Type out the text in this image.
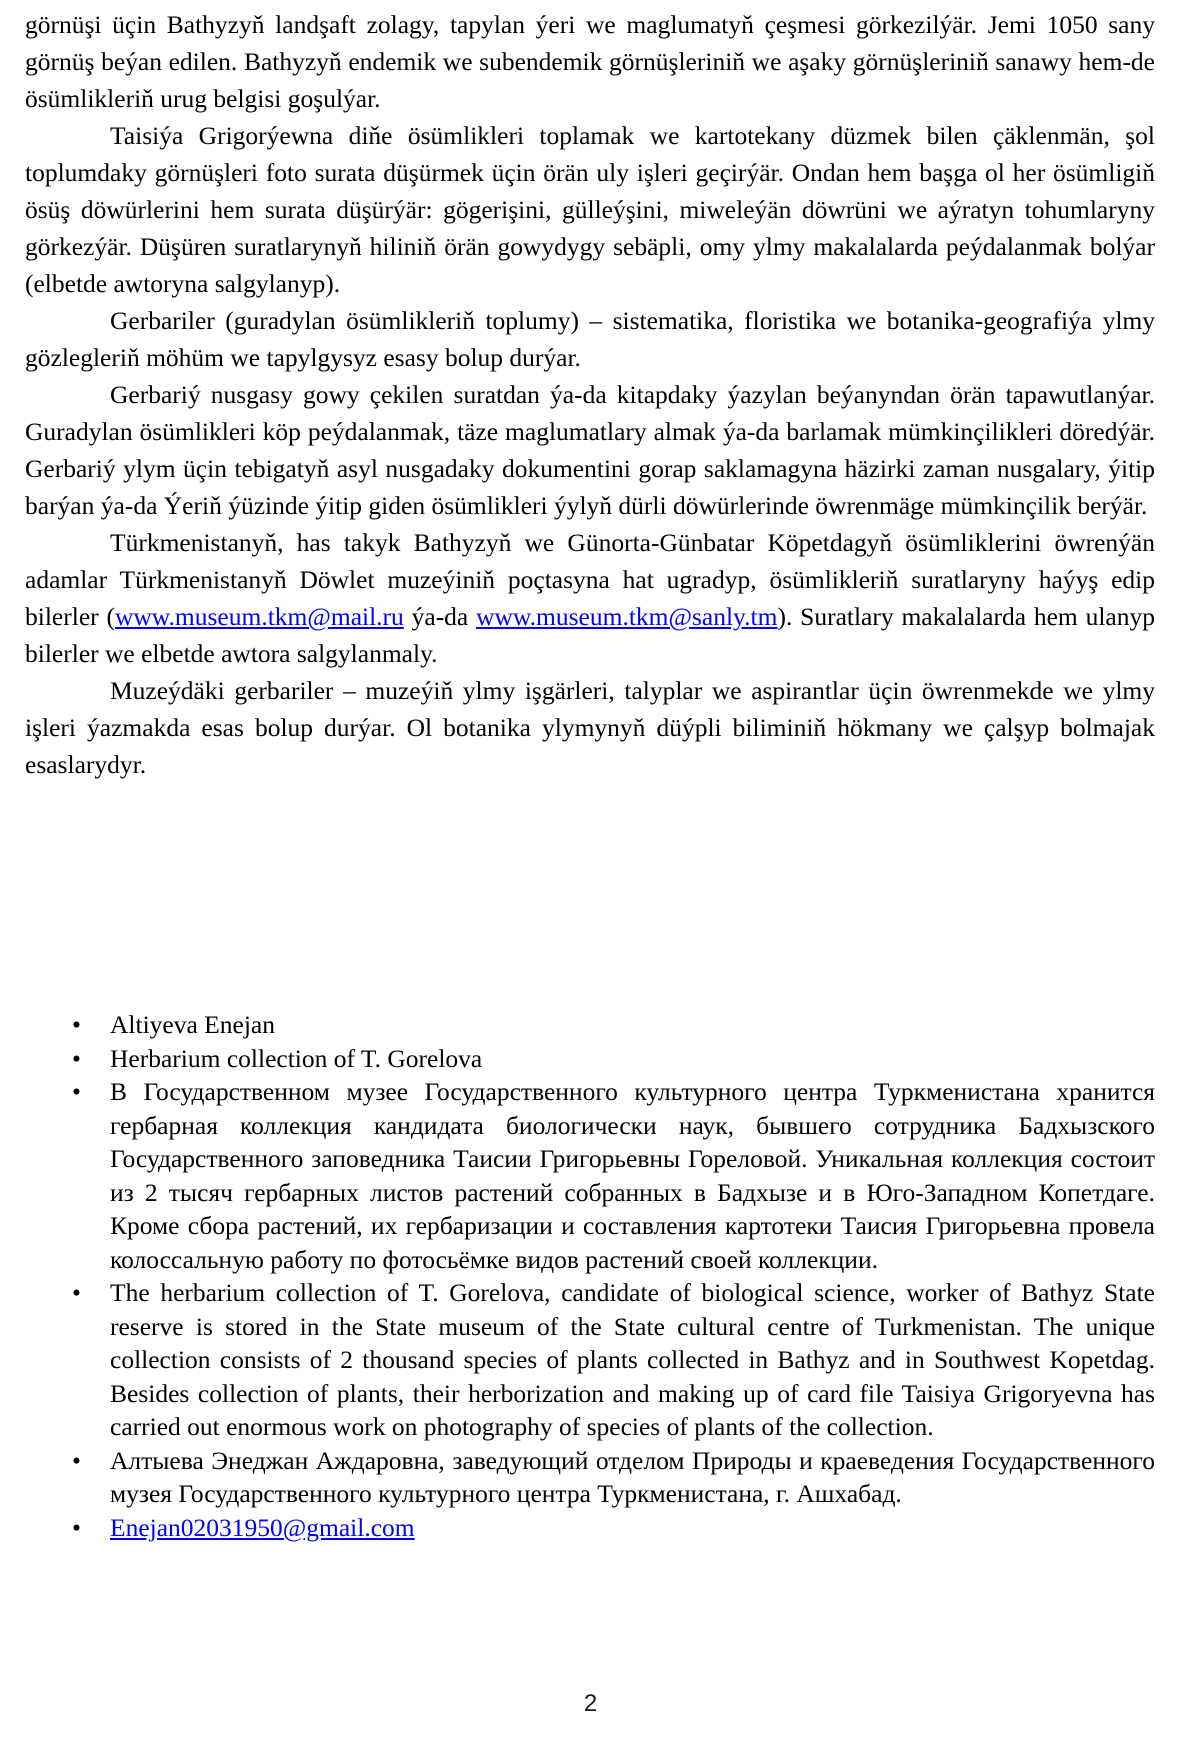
görnüşi üçin Bathyzyň landşaft zolagy, tapylan ýeri we maglumatyň çeşmesi görkezilýär. Jemi 1050 sany görnüş beýan edilen. Bathyzyň endemik we subendemik görnüşleriniň we aşaky görnüşleriniň sanawy hem-de ösümlikleriň urug belgisi goşulýar.

Taisiýa Grigorýewna diňe ösümlikleri toplamak we kartotekany düzmek bilen çäklenmän, şol toplumdaky görnüşleri foto surata düşürmek üçin örän uly işleri geçirýär. Ondan hem başga ol her ösümligiň ösüş döwürlerini hem surata düşürýär: gögerişini, gülleýşini, miweleýän döwrüni we aýratyn tohumlaryny görkezýär. Düşüren suratlarynyň hiliniň örän gowydygy sebäpli, omy ylmy makalalarda peýdalanmak bolýar (elbetde awtoryna salgylanyp).

Gerbariler (guradylan ösümlikleriň toplumy) – sistematika, floristika we botanika-geografiýa ylmy gözlegleriň möhüm we tapylgysyz esasy bolup durýar.

Gerbariý nusgasy gowy çekilen suratdan ýa-da kitapdaky ýazylan beýanyndan örän tapawutlanýar. Guradylan ösümlikleri köp peýdalanmak, täze maglumatlary almak ýa-da barlamak mümkinçilikleri döredýär. Gerbariý ylym üçin tebigatyň asyl nusgadaky dokumentini gorap saklamagyna häzirki zaman nusgalary, ýitip barýan ýa-da Ýeriň ýüzinde ýitip giden ösümlikleri ýylyň dürli döwürlerinde öwrenmäge mümkinçilik berýär.

Türkmenistanyň, has takyk Bathyzyň we Günorta-Günbatar Köpetdagyň ösümliklerini öwrenýän adamlar Türkmenistanyň Döwlet muzeýiniň poçtasyna hat ugradyp, ösümlikleriň suratlaryny haýyş edip bilerler (www.museum.tkm@mail.ru ýa-da www.museum.tkm@sanly.tm). Suratlary makalalarda hem ulanyp bilerler we elbetde awtora salgylanmaly.

Muzeýdäki gerbariler – muzeýiň ylmy işgärleri, talyplar we aspirantlar üçin öwrenmekde we ylmy işleri ýazmakda esas bolup durýar. Ol botanika ylymynyň düýpli biliminiň hökmany we çalşyp bolmajak esaslarydyr.

• Altiyeva Enejan
• Herbarium collection of T. Gorelova
• В Государственном музее Государственного культурного центра Туркменистана хранится гербарная коллекция кандидата биологически наук, бывшего сотрудника Бадхызского Государственного заповедника Таисии Григорьевны Гореловой. Уникальная коллекция состоит из 2 тысяч гербарных листов растений собранных в Бадхызе и в Юго-Западном Копетдаге. Кроме сбора растений, их гербаризации и составления картотеки Таисия Григорьевна провела колоссальную работу по фотосьёмке видов растений своей коллекции.
• The herbarium collection of T. Gorelova, candidate of biological science, worker of Bathyz State reserve is stored in the State museum of the State cultural centre of Turkmenistan. The unique collection consists of 2 thousand species of plants collected in Bathyz and in Southwest Kopetdag. Besides collection of plants, their herborization and making up of card file Taisiya Grigoryevna has carried out enormous work on photography of species of plants of the collection.
• Алтыева Энеджан Аждаровна, заведующий отделом Природы и краеведения Государственного музея Государственного культурного центра Туркменистана, г. Ашхабад.
• Enejan02031950@gmail.com
2
